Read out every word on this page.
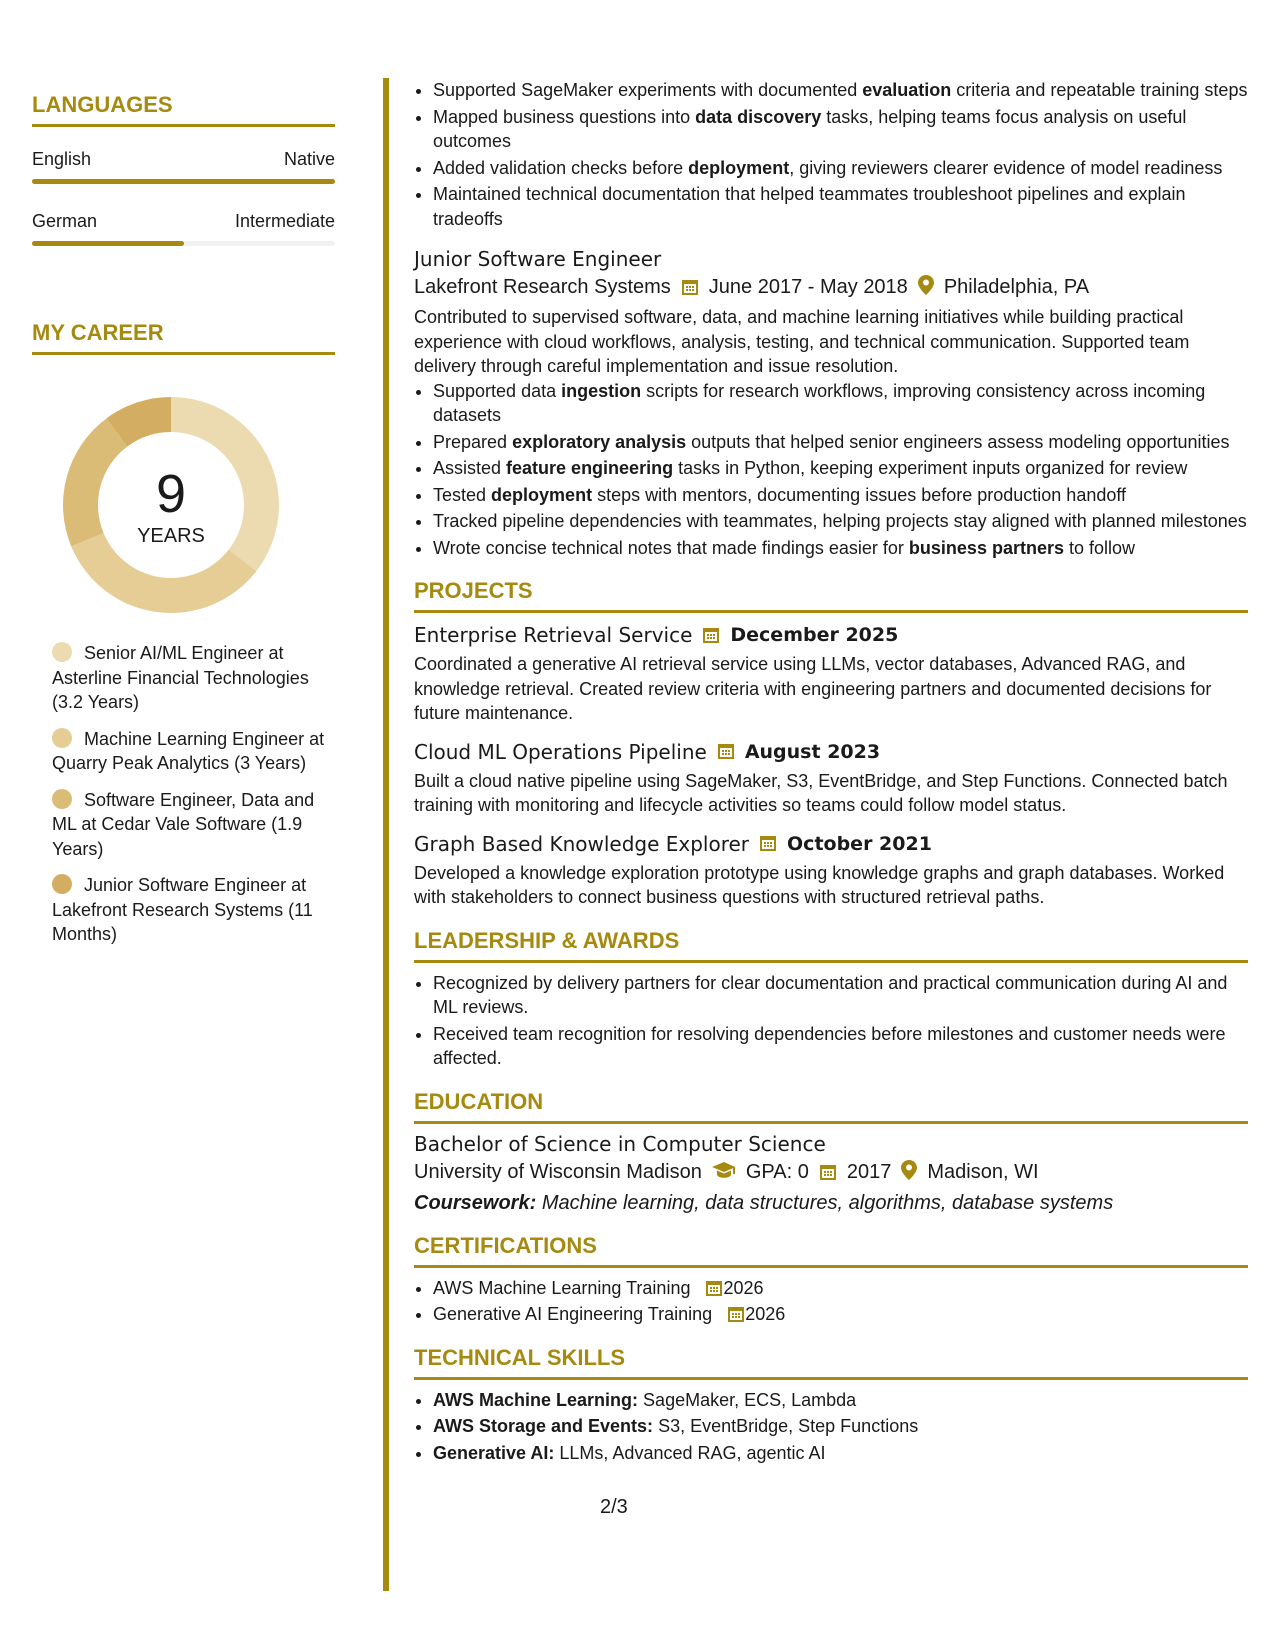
LANGUAGES
English	Native
German	Intermediate
MY CAREER
9
YEARS
Senior AI/ML Engineer at Asterline Financial Technologies (3.2 Years)
Machine Learning Engineer at Quarry Peak Analytics (3 Years)
Software Engineer, Data and ML at Cedar Vale Software (1.9 Years)
Junior Software Engineer at Lakefront Research Systems (11 Months)
• Supported SageMaker experiments with documented evaluation criteria and repeatable training steps
• Mapped business questions into data discovery tasks, helping teams focus analysis on useful outcomes
• Added validation checks before deployment, giving reviewers clearer evidence of model readiness
• Maintained technical documentation that helped teammates troubleshoot pipelines and explain tradeoffs
Junior Software Engineer
Lakefront Research Systems June 2017 - May 2018 Philadelphia, PA

Contributed to supervised software, data, and machine learning initiatives while building practical experience with cloud workflows, analysis, testing, and technical communication. Supported team delivery through careful implementation and issue resolution.

• Supported data ingestion scripts for research workflows, improving consistency across incoming datasets
• Prepared exploratory analysis outputs that helped senior engineers assess modeling opportunities
• Assisted feature engineering tasks in Python, keeping experiment inputs organized for review
• Tested deployment steps with mentors, documenting issues before production handoff
• Tracked pipeline dependencies with teammates, helping projects stay aligned with planned milestones
• Wrote concise technical notes that made findings easier for business partners to follow
PROJECTS
Enterprise Retrieval Service December 2025

Coordinated a generative AI retrieval service using LLMs, vector databases, Advanced RAG, and knowledge retrieval. Created review criteria with engineering partners and documented decisions for future maintenance.

Cloud ML Operations Pipeline August 2023

Built a cloud native pipeline using SageMaker, S3, EventBridge, and Step Functions. Connected batch training with monitoring and lifecycle activities so teams could follow model status.

Graph Based Knowledge Explorer October 2021

Developed a knowledge exploration prototype using knowledge graphs and graph databases. Worked with stakeholders to connect business questions with structured retrieval paths.

LEADERSHIP & AWARDS
• Recognized by delivery partners for clear documentation and practical communication during AI and ML reviews.
• Received team recognition for resolving dependencies before milestones and customer needs were affected.
EDUCATION
Bachelor of Science in Computer Science
University of Wisconsin Madison GPA: 0 2017 Madison, WI
Coursework: Machine learning, data structures, algorithms, database systems
CERTIFICATIONS
• AWS Machine Learning Training 2026
• Generative AI Engineering Training 2026
TECHNICAL SKILLS
• AWS Machine Learning: SageMaker, ECS, Lambda
• AWS Storage and Events: S3, EventBridge, Step Functions
• Generative AI: LLMs, Advanced RAG, agentic AI
2/3
